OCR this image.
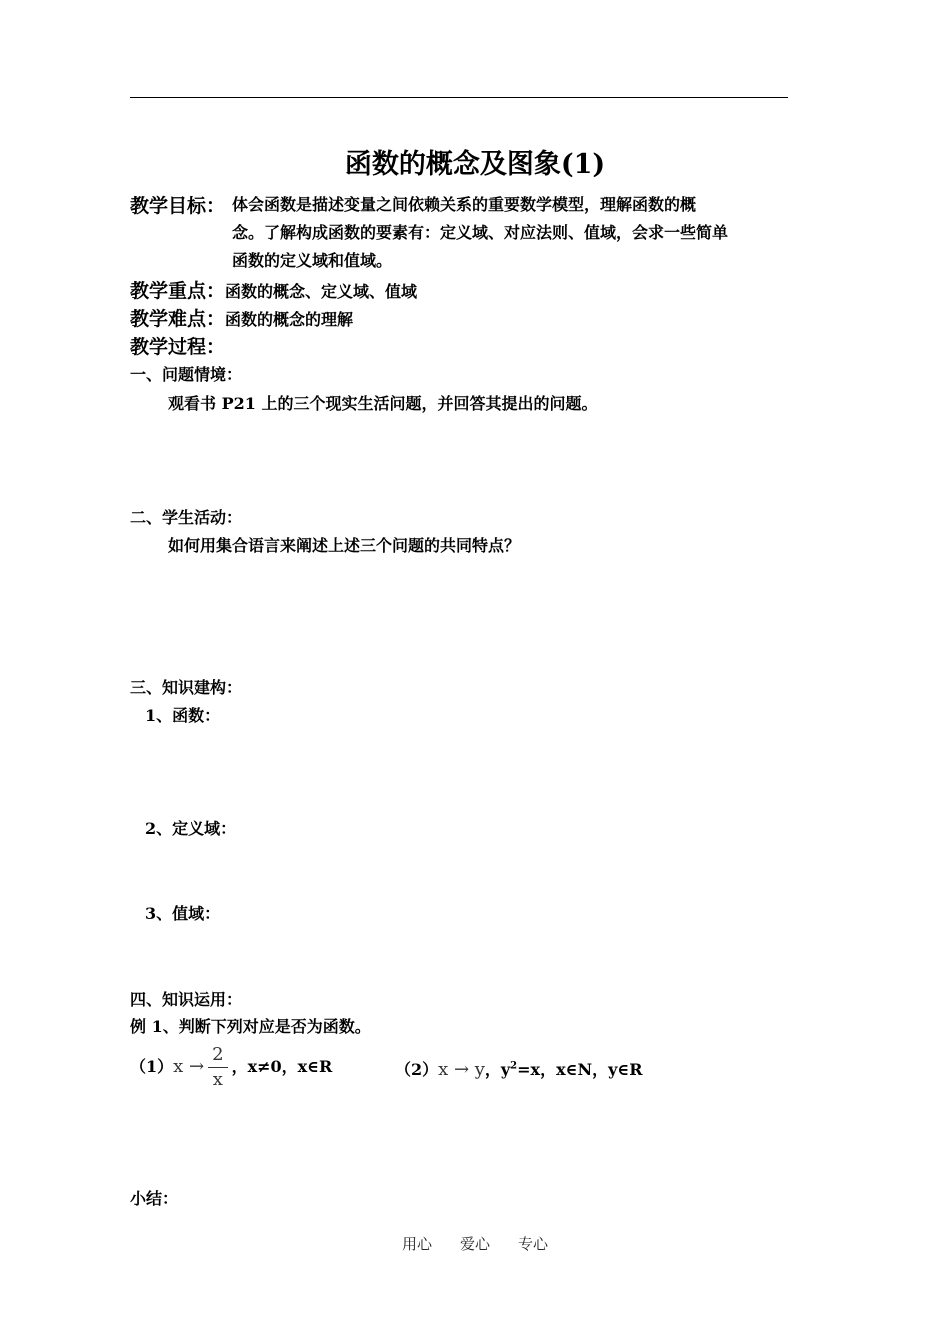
函数的概念及图象(1)
教学目标： 体会函数是描述变量之间依赖关系的重要数学模型，理解函数的概
念。了解构成函数的要素有：定义域、对应法则、值域，会求一些简单
函数的定义域和值域。
教学重点：函数的概念、定义域、值域
教学难点：函数的概念的理解
教学过程：
一、问题情境：
观看书 P21 上的三个现实生活问题，并回答其提出的问题。
二、学生活动：
如何用集合语言来阐述上述三个问题的共同特点？
三、知识建构：
1、函数：
2、定义域：
3、值域：
四、知识运用：
例 1、判断下列对应是否为函数。
$(1)x \to \frac{2}{x}$ ，x≠0，x∈R	（2）x → y，$y^2=x$，x∈N，y∈R
小结：
用心 爱心 专心
